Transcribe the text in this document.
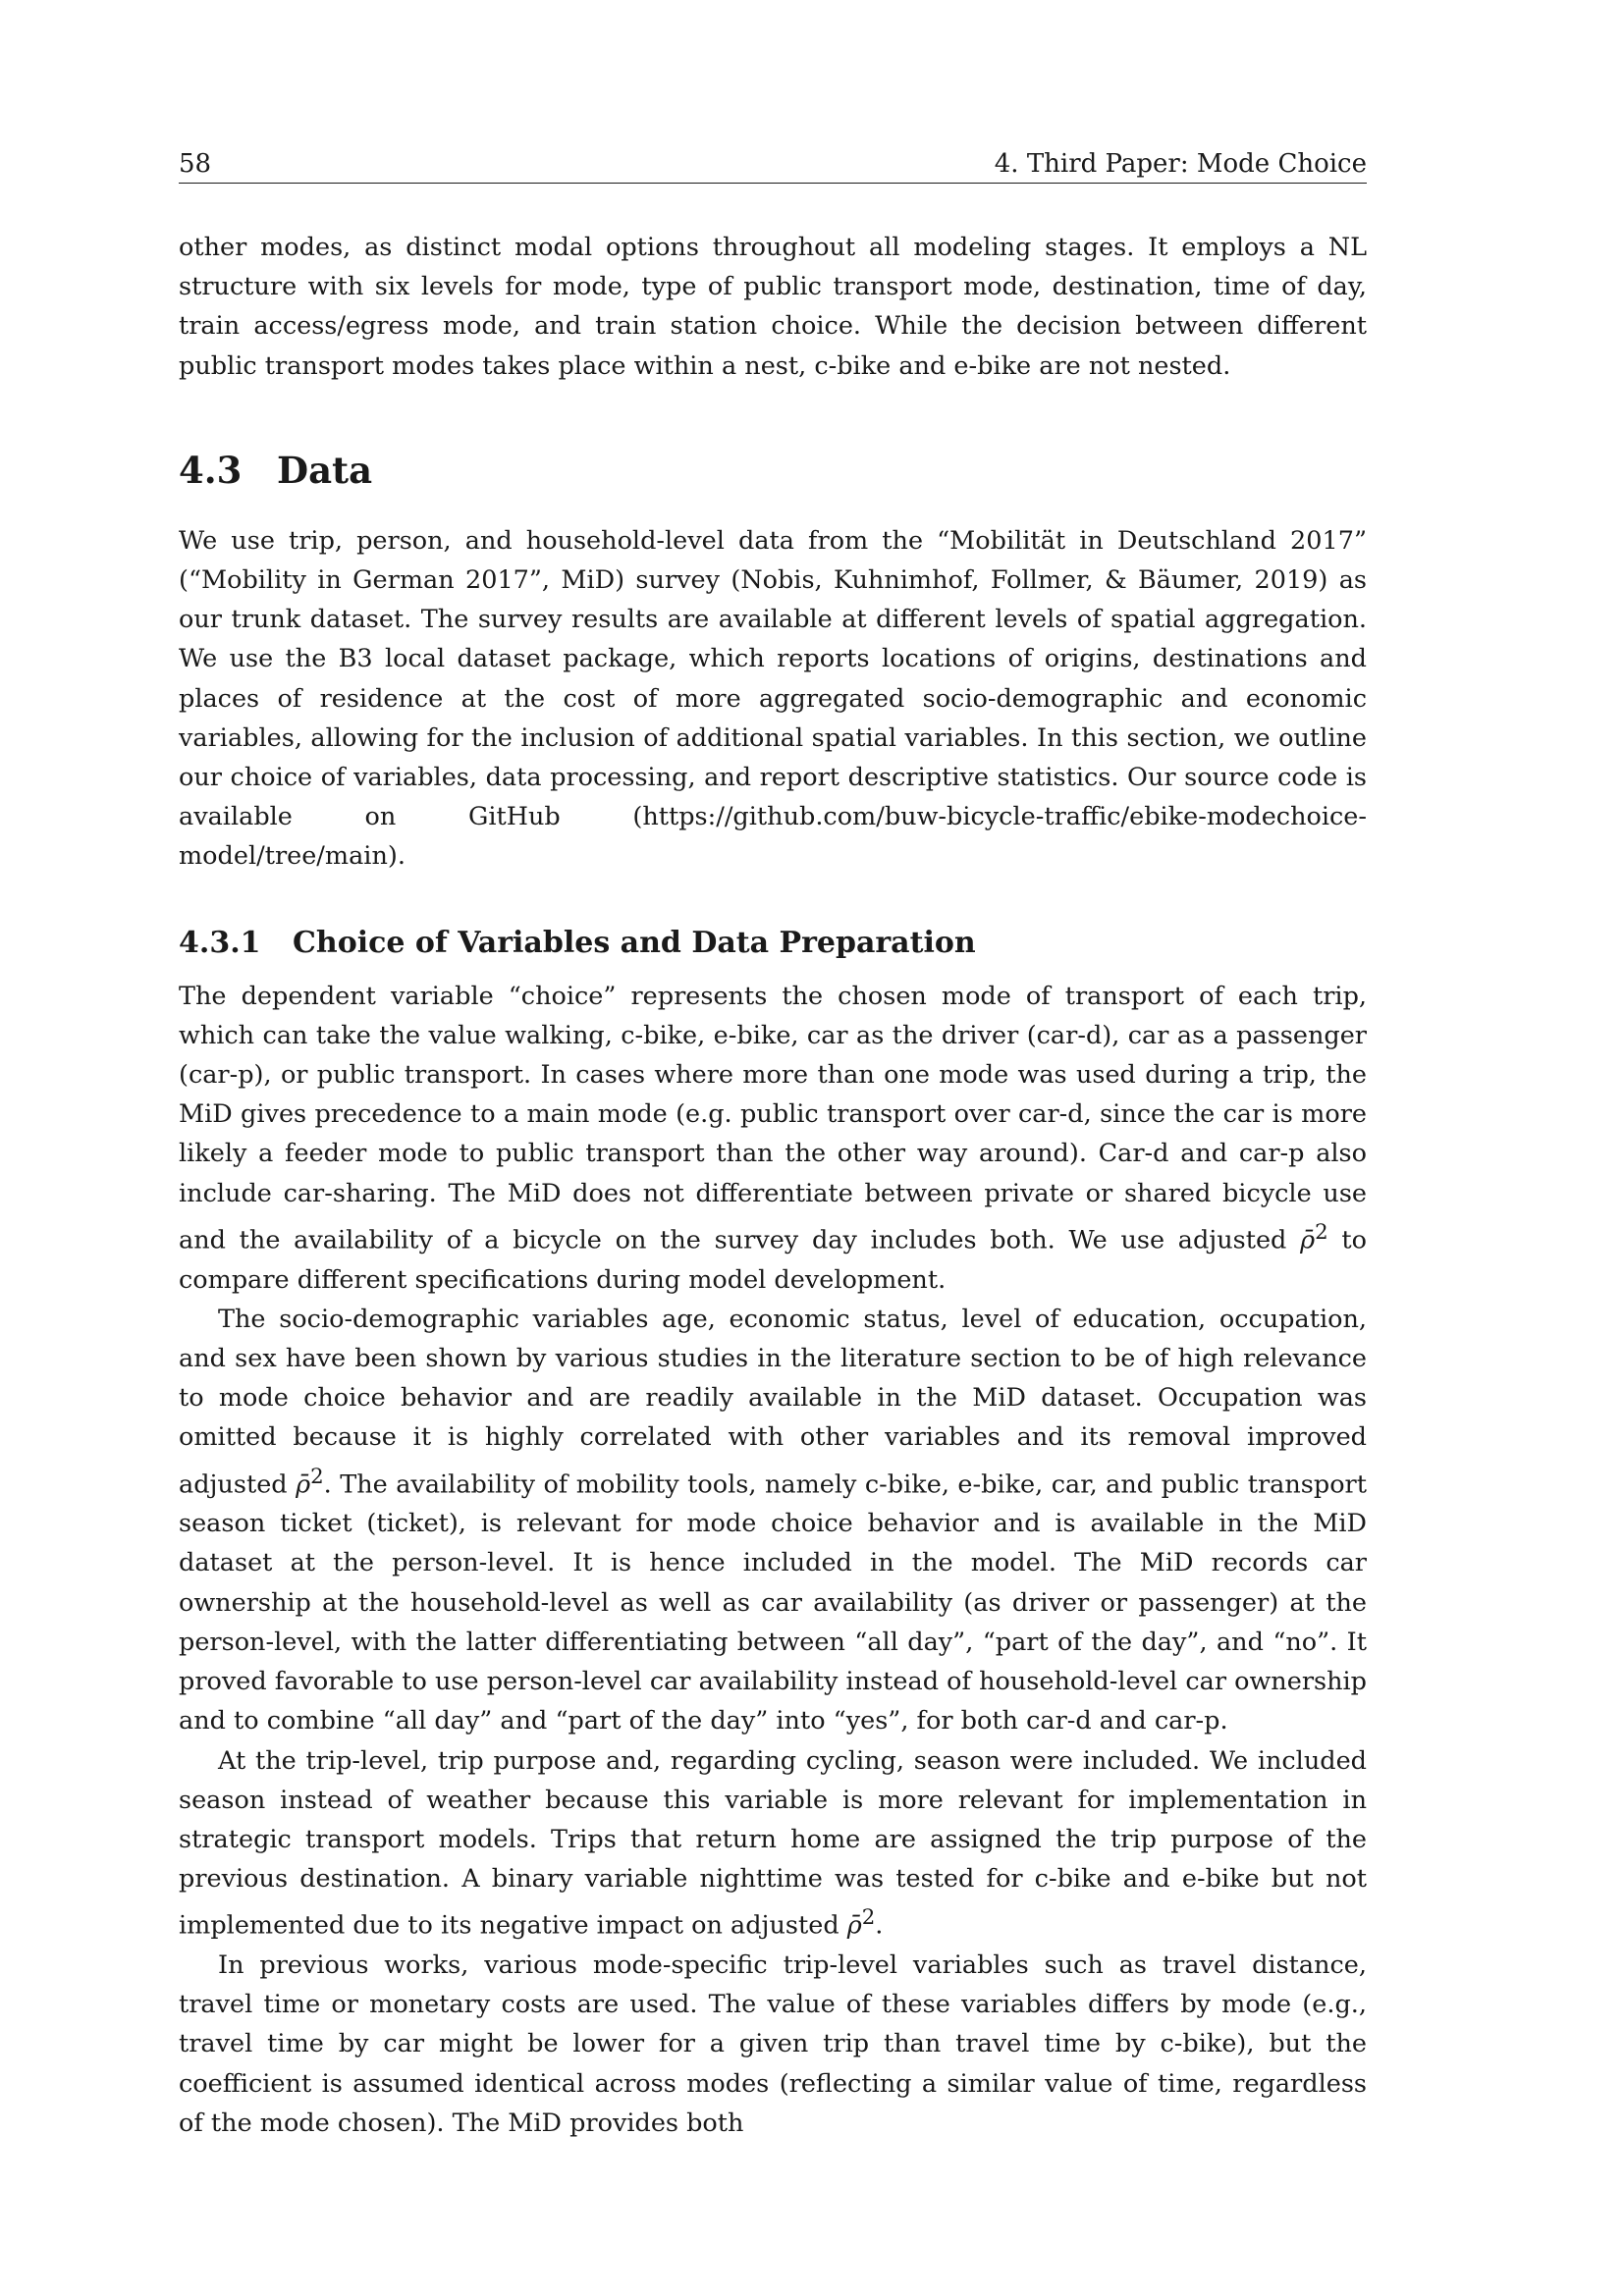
58	4. Third Paper: Mode Choice

other modes, as distinct modal options throughout all modeling stages. It employs a NL structure with six levels for mode, type of public transport mode, destination, time of day, train access/egress mode, and train station choice. While the decision between different public transport modes takes place within a nest, c-bike and e-bike are not nested.

4.3 Data

We use trip, person, and household-level data from the “Mobilität in Deutschland 2017” (“Mobility in German 2017”, MiD) survey (Nobis, Kuhnimhof, Follmer, & Bäumer, 2019) as our trunk dataset. The survey results are available at different levels of spatial aggregation. We use the B3 local dataset package, which reports locations of origins, destinations and places of residence at the cost of more aggregated socio-demographic and economic variables, allowing for the inclusion of additional spatial variables. In this section, we outline our choice of variables, data processing, and report descriptive statistics. Our source code is available on GitHub (https://github.com/buw-bicycle-traffic/ebike-modechoice-model/tree/main).

4.3.1 Choice of Variables and Data Preparation

The dependent variable “choice” represents the chosen mode of transport of each trip, which can take the value walking, c-bike, e-bike, car as the driver (car-d), car as a passenger (car-p), or public transport. In cases where more than one mode was used during a trip, the MiD gives precedence to a main mode (e.g. public transport over car-d, since the car is more likely a feeder mode to public transport than the other way around). Car-d and car-p also include car-sharing. The MiD does not differentiate between private or shared bicycle use and the availability of a bicycle on the survey day includes both. We use adjusted ρ̄$^2$ to compare different specifications during model development.

The socio-demographic variables age, economic status, level of education, occupation, and sex have been shown by various studies in the literature section to be of high relevance to mode choice behavior and are readily available in the MiD dataset. Occupation was omitted because it is highly correlated with other variables and its removal improved adjusted ρ̄$^2$. The availability of mobility tools, namely c-bike, e-bike, car, and public transport season ticket (ticket), is relevant for mode choice behavior and is available in the MiD dataset at the person-level. It is hence included in the model. The MiD records car ownership at the household-level as well as car availability (as driver or passenger) at the person-level, with the latter differentiating between “all day”, “part of the day”, and “no”. It proved favorable to use person-level car availability instead of household-level car ownership and to combine “all day” and “part of the day” into “yes”, for both car-d and car-p.

At the trip-level, trip purpose and, regarding cycling, season were included. We included season instead of weather because this variable is more relevant for implementation in strategic transport models. Trips that return home are assigned the trip purpose of the previous destination. A binary variable nighttime was tested for c-bike and e-bike but not implemented due to its negative impact on adjusted ρ̄$^2$.

In previous works, various mode-specific trip-level variables such as travel distance, travel time or monetary costs are used. The value of these variables differs by mode (e.g., travel time by car might be lower for a given trip than travel time by c-bike), but the coefficient is assumed identical across modes (reflecting a similar value of time, regardless of the mode chosen). The MiD provides both
